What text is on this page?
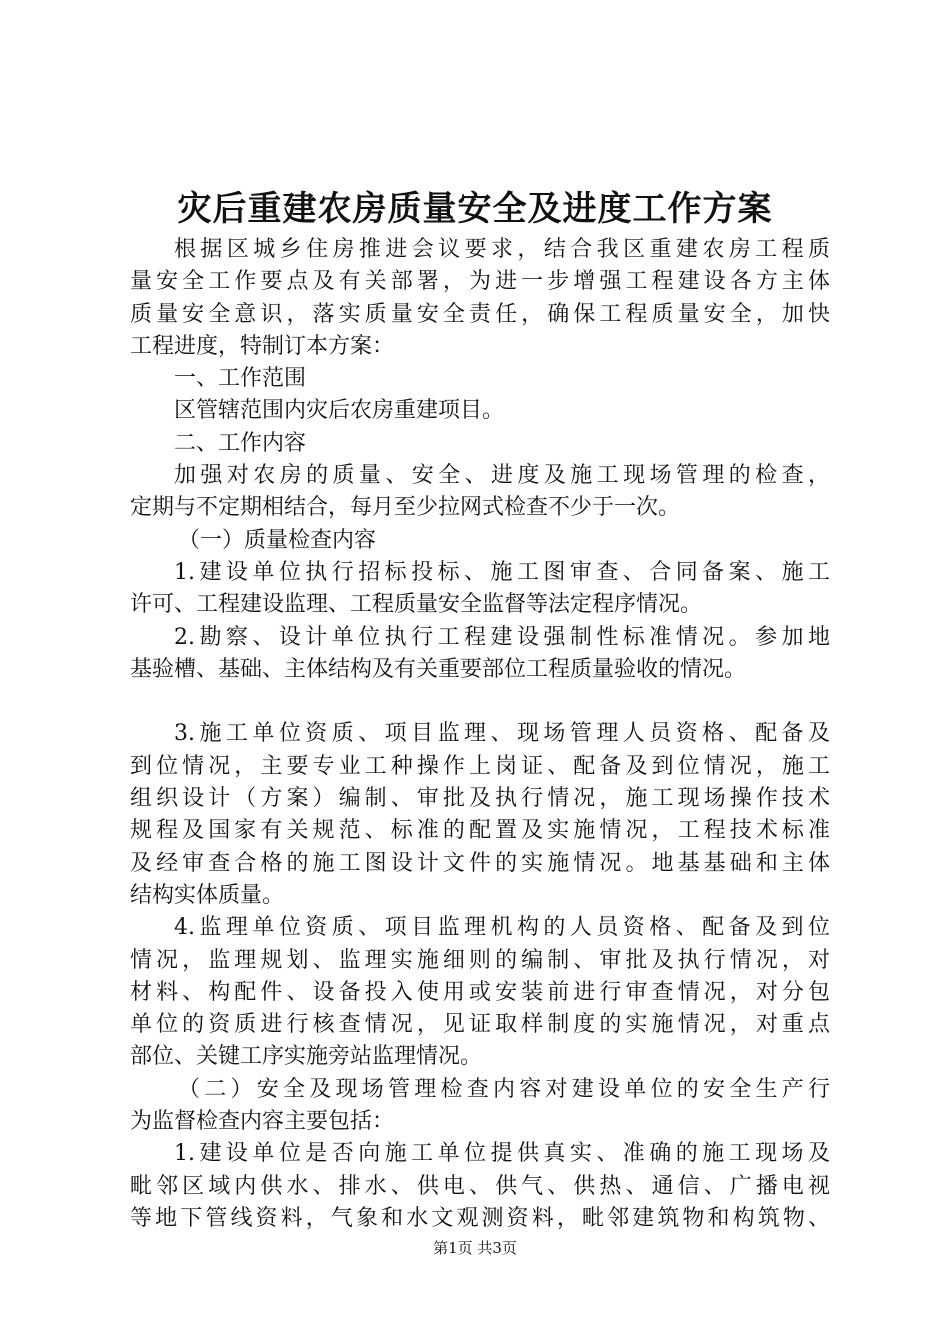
灾后重建农房质量安全及进度工作方案
根据区城乡住房推进会议要求，结合我区重建农房工程质
量安全工作要点及有关部署，为进一步增强工程建设各方主体
质量安全意识，落实质量安全责任，确保工程质量安全，加快
工程进度，特制订本方案：
一、工作范围
区管辖范围内灾后农房重建项目。
二、工作内容
加强对农房的质量、安全、进度及施工现场管理的检查，
定期与不定期相结合，每月至少拉网式检查不少于一次。
（一）质量检查内容
1.建设单位执行招标投标、施工图审查、合同备案、施工
许可、工程建设监理、工程质量安全监督等法定程序情况。
2.勘察、设计单位执行工程建设强制性标准情况。参加地
基验槽、基础、主体结构及有关重要部位工程质量验收的情况。
3.施工单位资质、项目监理、现场管理人员资格、配备及
到位情况，主要专业工种操作上岗证、配备及到位情况，施工
组织设计（方案）编制、审批及执行情况，施工现场操作技术
规程及国家有关规范、标准的配置及实施情况，工程技术标准
及经审查合格的施工图设计文件的实施情况。地基基础和主体
结构实体质量。
4.监理单位资质、项目监理机构的人员资格、配备及到位
情况，监理规划、监理实施细则的编制、审批及执行情况，对
材料、构配件、设备投入使用或安装前进行审查情况，对分包
单位的资质进行核查情况，见证取样制度的实施情况，对重点
部位、关键工序实施旁站监理情况。
（二）安全及现场管理检查内容对建设单位的安全生产行
为监督检查内容主要包括：
1.建设单位是否向施工单位提供真实、准确的施工现场及
毗邻区域内供水、排水、供电、供气、供热、通信、广播电视
等地下管线资料，气象和水文观测资料，毗邻建筑物和构筑物、
第1页 共3页
